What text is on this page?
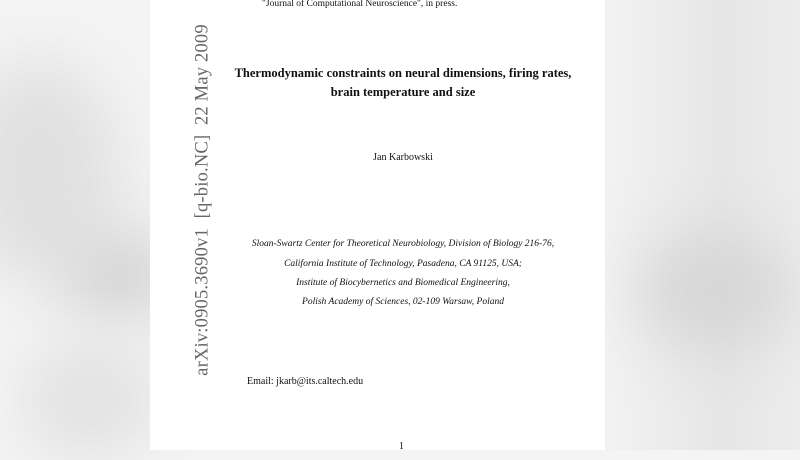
"Journal of Computational Neuroscience", in press.
Thermodynamic constraints on neural dimensions, firing rates,
brain temperature and size
Jan Karbowski
Sloan-Swartz Center for Theoretical Neurobiology, Division of Biology 216-76,
California Institute of Technology, Pasadena, CA 91125, USA;
Institute of Biocybernetics and Biomedical Engineering,
Polish Academy of Sciences, 02-109 Warsaw, Poland
Email: jkarb@its.caltech.edu
1
arXiv:0905.3690v1  [q-bio.NC]  22 May 2009
